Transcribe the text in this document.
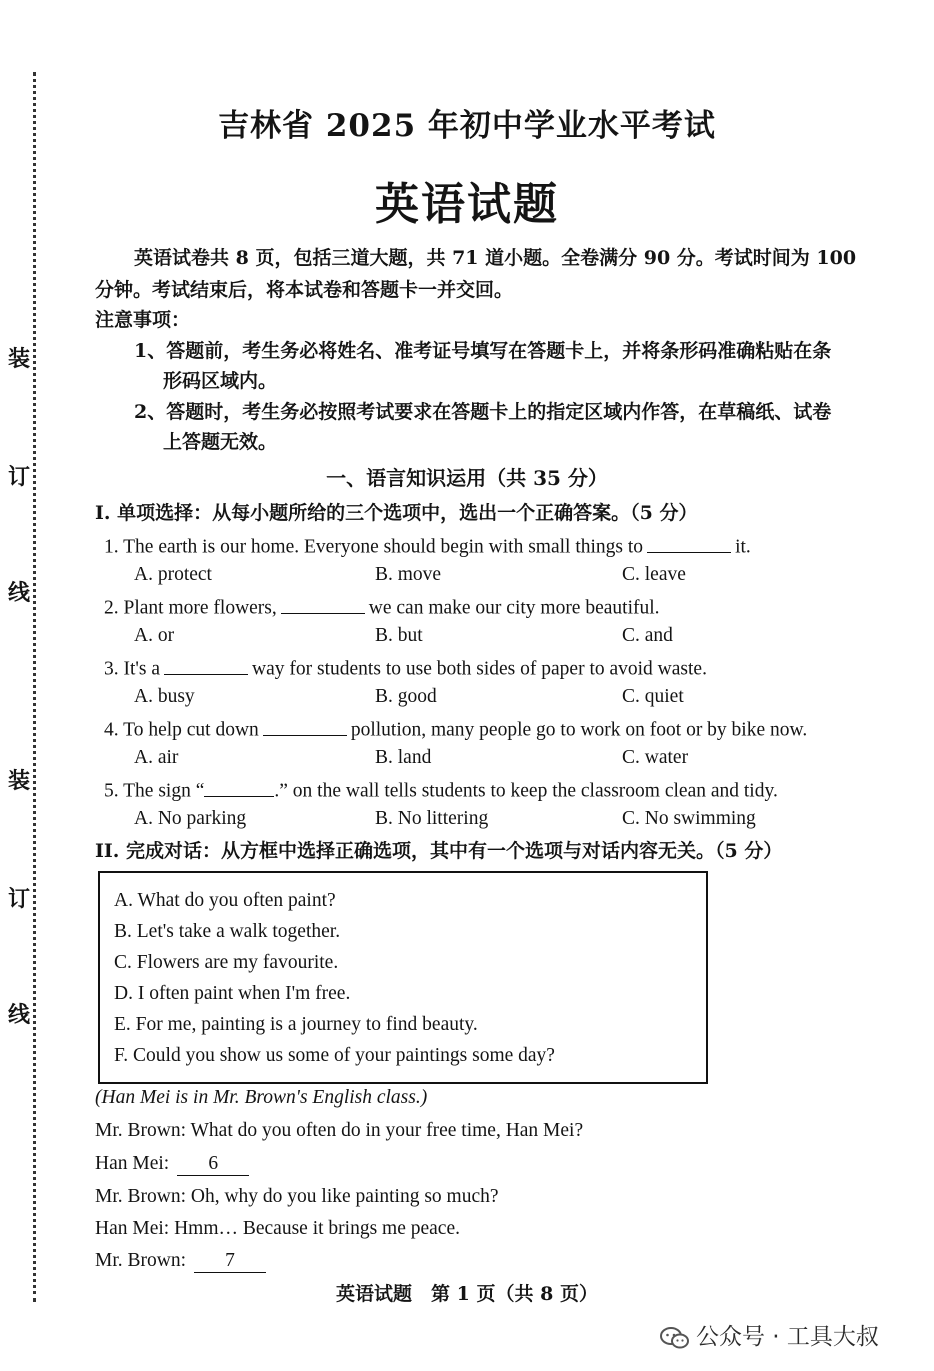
装
订
线
装
订
线
吉林省 2025 年初中学业水平考试
英语试题
英语试卷共 8 页，包括三道大题，共 71 道小题。全卷满分 90 分。考试时间为 100
分钟。考试结束后，将本试卷和答题卡一并交回。
注意事项：
1、答题前，考生务必将姓名、准考证号填写在答题卡上，并将条形码准确粘贴在条
形码区域内。
2、答题时，考生务必按照考试要求在答题卡上的指定区域内作答，在草稿纸、试卷
上答题无效。
一、语言知识运用（共 35 分）
I. 单项选择：从每小题所给的三个选项中，选出一个正确答案。（5 分）
1. The earth is our home. Everyone should begin with small things to	it.
A. protect	B. move	C. leave
2. Plant more flowers,	we can make our city more beautiful.
A. or	B. but	C. and
3. It's a	way for students to use both sides of paper to avoid waste.
A. busy	B. good	C. quiet
4. To help cut down	pollution, many people go to work on foot or by bike now.
A. air	B. land	C. water
5. The sign “	.” on the wall tells students to keep the classroom clean and tidy.
A. No parking	B. No littering	C. No swimming
II. 完成对话：从方框中选择正确选项，其中有一个选项与对话内容无关。（5 分）
A. What do you often paint?
B. Let's take a walk together.
C. Flowers are my favourite.
D. I often paint when I'm free.
E. For me, painting is a journey to find beauty.
F. Could you show us some of your paintings some day?
(Han Mei is in Mr. Brown's English class.)
Mr. Brown: What do you often do in your free time, Han Mei?
Han Mei: 6
Mr. Brown: Oh, why do you like painting so much?
Han Mei: Hmm… Because it brings me peace.
Mr. Brown: 7
英语试题　第 1 页（共 8 页）
公众号 · 工具大叔
